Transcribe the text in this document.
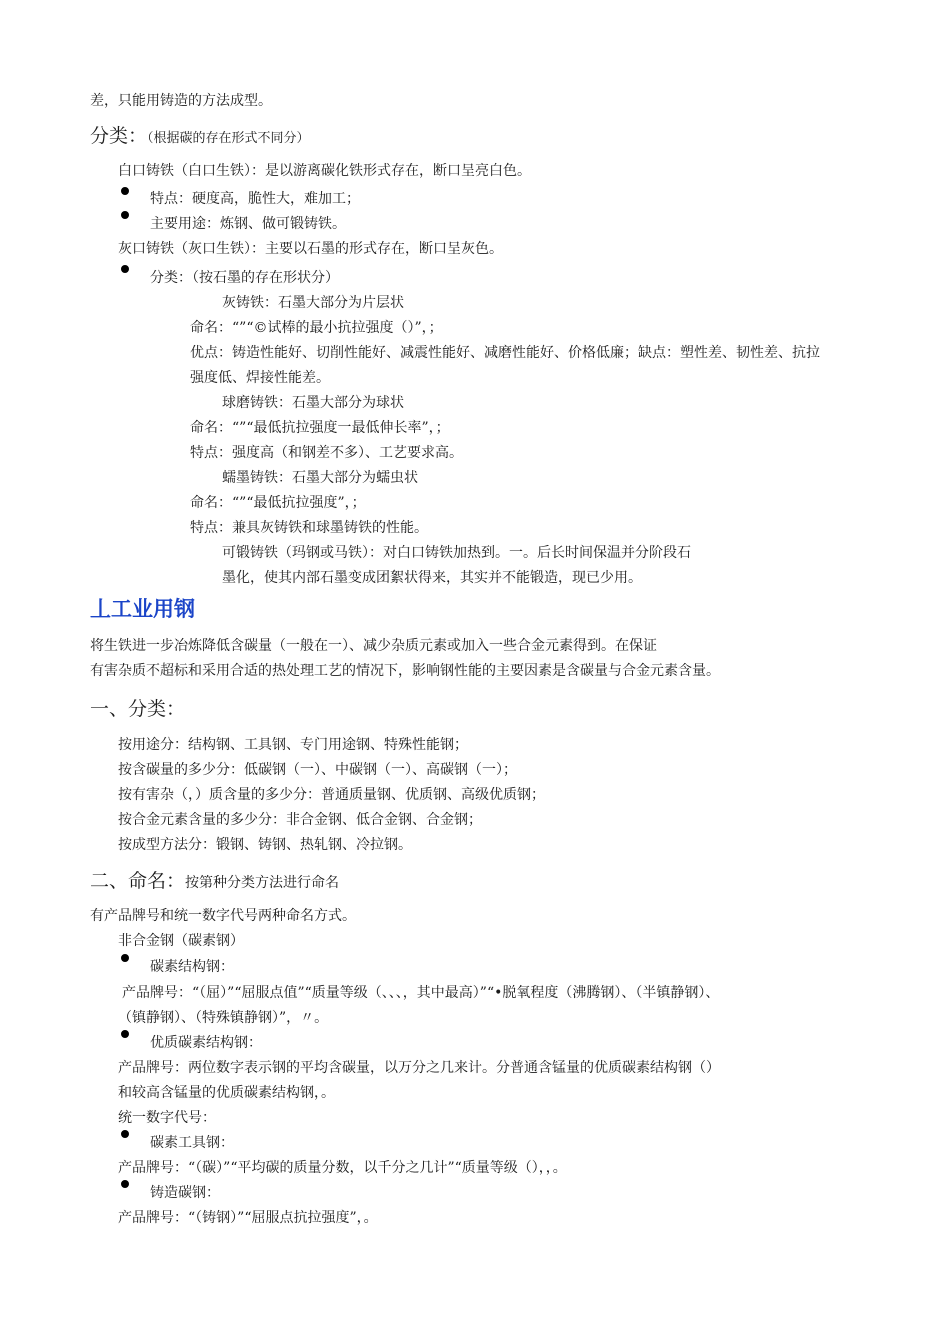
差，只能用铸造的方法成型。
分类：（根据碳的存在形式不同分）
白口铸铁（白口生铁）：是以游离碳化铁形式存在，断口呈亮白色。
特点：硬度高，脆性大，难加工；
主要用途：炼钢、做可锻铸铁。
灰口铸铁（灰口生铁）：主要以石墨的形式存在，断口呈灰色。
分类：（按石墨的存在形状分）
灰铸铁：石墨大部分为片层状
命名：“”“©试棒的最小抗拉强度（）”，；
优点：铸造性能好、切削性能好、减震性能好、减磨性能好、价格低廉；缺点：塑性差、韧性差、抗拉
强度低、焊接性能差。
球磨铸铁：石墨大部分为球状
命名：“”“最低抗拉强度一最低伸长率”，；
特点：强度高（和钢差不多）、工艺要求高。
蠕墨铸铁：石墨大部分为蠕虫状
命名：“”“最低抗拉强度”，；
特点：兼具灰铸铁和球墨铸铁的性能。
可锻铸铁（玛钢或马铁）：对白口铸铁加热到。一。后长时间保温并分阶段石
墨化，使其内部石墨变成团絮状得来，其实并不能锻造，现已少用。
丄工业用钢
将生铁进一步冶炼降低含碳量（一般在一）、减少杂质元素或加入一些合金元素得到。在保证
有害杂质不超标和采用合适的热处理工艺的情况下，影响钢性能的主要因素是含碳量与合金元素含量。
一、分类：
按用途分：结构钢、工具钢、专门用途钢、特殊性能钢；
按含碳量的多少分：低碳钢（一）、中碳钢（一）、高碳钢（一）；
按有害杂（，）质含量的多少分：普通质量钢、优质钢、高级优质钢；
按合金元素含量的多少分：非合金钢、低合金钢、合金钢；
按成型方法分：锻钢、铸钢、热轧钢、冷拉钢。
二、命名：按第种分类方法进行命名
有产品牌号和统一数字代号两种命名方式。
非合金钢（碳素钢）
碳素结构钢：
产品牌号：“（屈）”“屈服点值”“质量等级（、、、，其中最高）”“•脱氧程度（沸腾钢）、（半镇静钢）、
（镇静钢）、（特殊镇静钢）”，〃。
优质碳素结构钢：
产品牌号：两位数字表示钢的平均含碳量，以万分之几来计。分普通含锰量的优质碳素结构钢（）
和较高含锰量的优质碳素结构钢，。
统一数字代号：
碳素工具钢：
产品牌号：“（碳）”“平均碳的质量分数，以千分之几计”“质量等级（），，。
铸造碳钢：
产品牌号：“（铸钢）”“屈服点抗拉强度”，。
